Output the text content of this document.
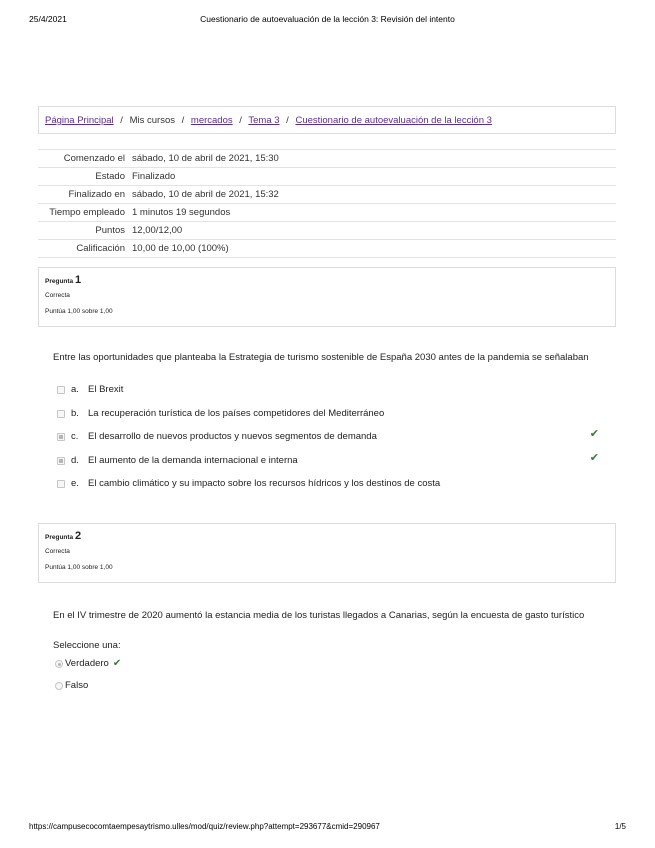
25/4/2021	Cuestionario de autoevaluación de la lección 3: Revisión del intento
Página Principal / Mis cursos / mercados / Tema 3 / Cuestionario de autoevaluación de la lección 3
Comenzado el	sábado, 10 de abril de 2021, 15:30
Estado	Finalizado
Finalizado en	sábado, 10 de abril de 2021, 15:32
Tiempo empleado	1 minutos 19 segundos
Puntos	12,00/12,00
Calificación	10,00 de 10,00 (100%)
Pregunta 1
Correcta
Puntúa 1,00 sobre 1,00
Entre las oportunidades que planteaba la Estrategia de turismo sostenible de España 2030 antes de la pandemia se señalaban
a. El Brexit
b. La recuperación turística de los países competidores del Mediterráneo
c.	El desarrollo de nuevos productos y nuevos segmentos de demanda	✔
d. El aumento de la demanda internacional e interna	✔
e. El cambio climático y su impacto sobre los recursos hídricos y los destinos de costa
Pregunta 2
Correcta
Puntúa 1,00 sobre 1,00
En el IV trimestre de 2020 aumentó la estancia media de los turistas llegados a Canarias, según la encuesta de gasto turístico
Seleccione una:
Verdadero ✔
Falso
https://campusecocomtaempesaytrismo.ulles/mod/quiz/review.php?attempt=293677&cmid=290967	1/5
